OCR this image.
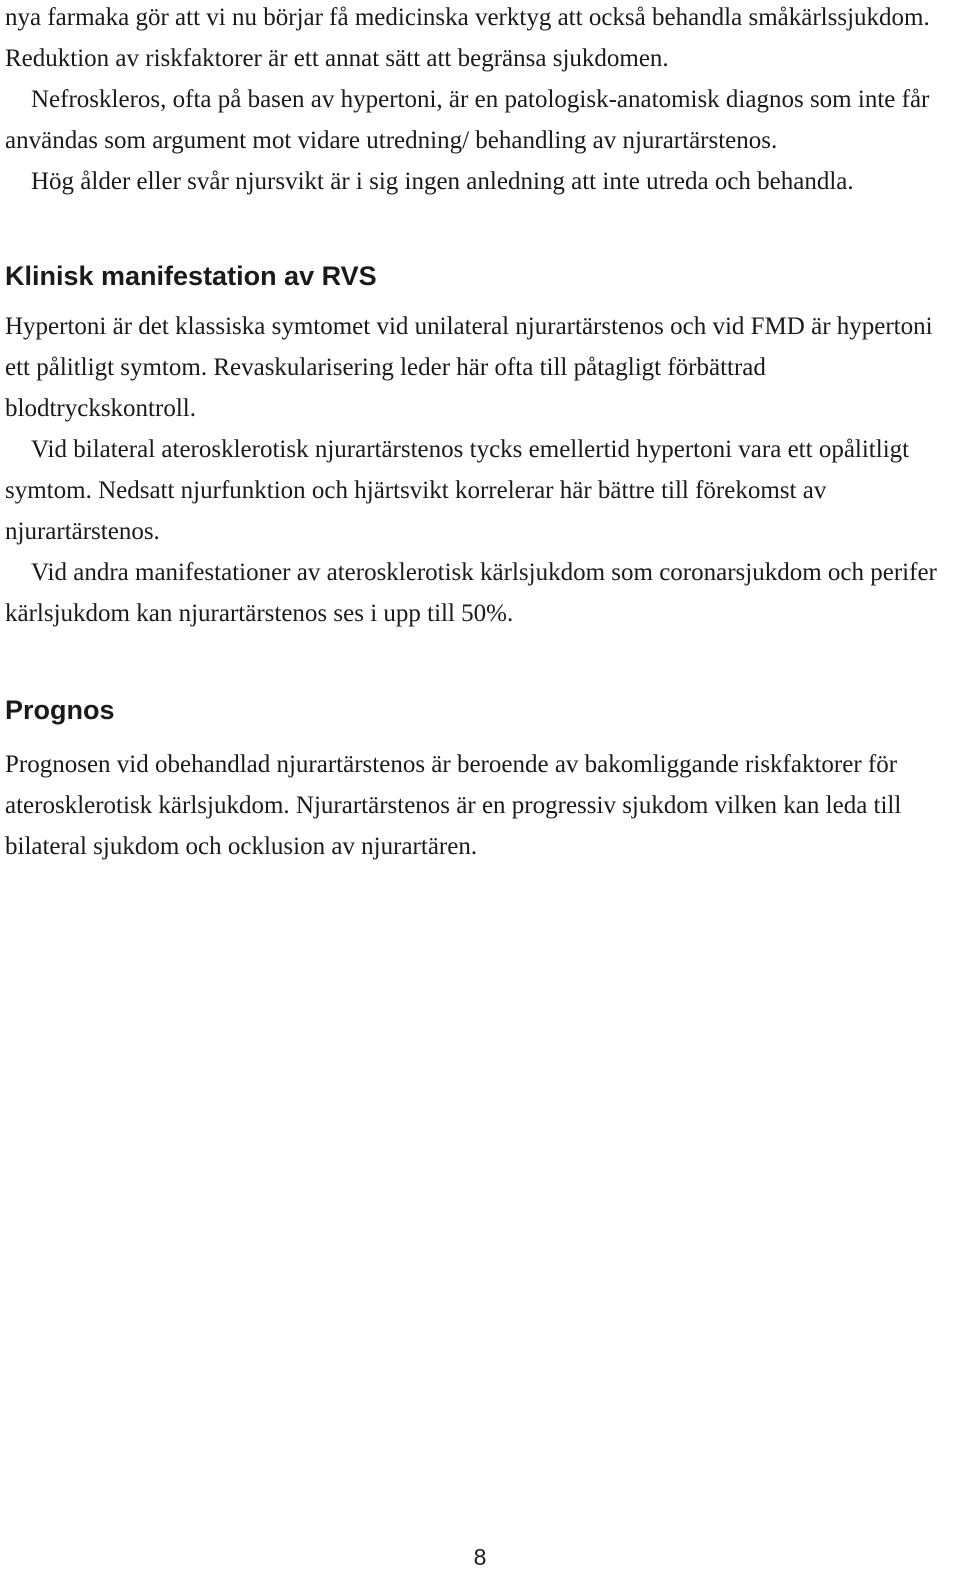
nya farmaka gör att vi nu börjar få medicinska verktyg att också behandla småkärlssjukdom. Reduktion av riskfaktorer är ett annat sätt att begränsa sjukdomen.

Nefroskleros, ofta på basen av hypertoni, är en patologisk-anatomisk diagnos som inte får användas som argument mot vidare utredning/ behandling av njurartärstenos.

Hög ålder eller svår njursvikt är i sig ingen anledning att inte utreda och behandla.

Klinisk manifestation av RVS

Hypertoni är det klassiska symtomet vid unilateral njurartärstenos och vid FMD är hypertoni ett pålitligt symtom. Revaskularisering leder här ofta till påtagligt förbättrad blodtryckskontroll.

Vid bilateral aterosklerotisk njurartärstenos tycks emellertid hypertoni vara ett opålitligt symtom. Nedsatt njurfunktion och hjärtsvikt korrelerar här bättre till förekomst av njurartärstenos.

Vid andra manifestationer av aterosklerotisk kärlsjukdom som coronarsjukdom och perifer kärlsjukdom kan njurartärstenos ses i upp till 50%.

Prognos

Prognosen vid obehandlad njurartärstenos är beroende av bakomliggande riskfaktorer för aterosklerotisk kärlsjukdom. Njurartärstenos är en progressiv sjukdom vilken kan leda till bilateral sjukdom och ocklusion av njurartären.

8
